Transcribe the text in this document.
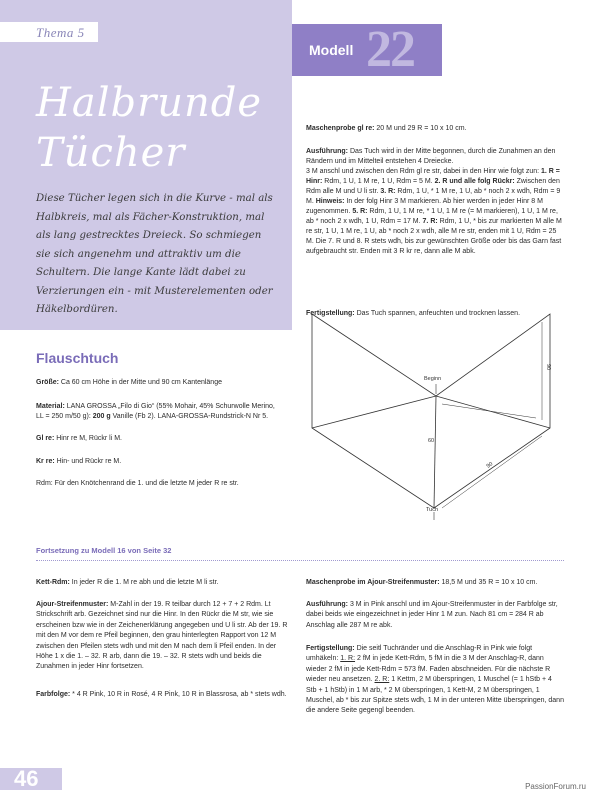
Thema 5
Modell 22
Halbrunde
Tücher
Diese Tücher legen sich in die Kurve - mal als Halbkreis, mal als Fächer-Konstruktion, mal als lang gestrecktes Dreieck. So schmiegen sie sich angenehm und attraktiv um die Schultern. Die lange Kante lädt dabei zu Verzierungen ein - mit Musterelementen oder Häkelbordüren.
Maschenprobe gl re: 20 M und 29 R = 10 x 10 cm.
Ausführung: Das Tuch wird in der Mitte begonnen, durch die Zunahmen an den Rändern und im Mittelteil entstehen 4 Dreiecke.
3 M anschl und zwischen den Rdm gl re str, dabei in den Hinr wie folgt zun: 1. R = Hinr: Rdm, 1 U, 1 M re, 1 U, Rdm = 5 M. 2. R und alle folg Rückr: Zwischen den Rdm alle M und U li str. 3. R: Rdm, 1 U, * 1 M re, 1 U, ab * noch 2 x wdh, Rdm = 9 M. Hinweis: In der folg Hinr 3 M markieren. Ab hier werden in jeder Hinr 8 M zugenommen. 5. R: Rdm, 1 U, 1 M re, * 1 U, 1 M re (= M markieren), 1 U, 1 M re, ab * noch 2 x wdh, 1 U, Rdm = 17 M. 7. R: Rdm, 1 U, * bis zur markierten M alle M re str, 1 U, 1 M re, 1 U, ab * noch 2 x wdh, alle M re str, enden mit 1 U, Rdm = 25 M. Die 7. R und 8. R stets wdh, bis zur gewünschten Größe oder bis das Garn fast aufgebraucht str. Enden mit 3 R kr re, dann alle M abk.
Fertigstellung: Das Tuch spannen, anfeuchten und trocknen lassen.
Beginn
60
90
90
Tuch
Flauschtuch
Größe: Ca 60 cm Höhe in der Mitte und 90 cm Kantenlänge
Material: LANA GROSSA „Filo di Gio“ (55% Mohair, 45% Schurwolle Merino, LL = 250 m/50 g): 200 g Vanille (Fb 2). LANA-GROSSA-Rundstrick-N Nr 5.
Gl re: Hinr re M, Rückr li M.
Kr re: Hin- und Rückr re M.
Rdm: Für den Knötchenrand die 1. und die letzte M jeder R re str.
Fortsetzung zu Modell 16 von Seite 32
Kett-Rdm: In jeder R die 1. M re abh und die letzte M li str.
Ajour-Streifenmuster: M-Zahl in der 19. R teilbar durch 12 + 7 + 2 Rdm. Lt Strickschrift arb. Gezeichnet sind nur die Hinr. In den Rückr die M str, wie sie erscheinen bzw wie in der Zeichenerklärung angegeben und U li str. Ab der 19. R mit den M vor dem re Pfeil beginnen, den grau hinterlegten Rapport von 12 M zwischen den Pfeilen stets wdh und mit den M nach dem li Pfeil enden. In der Höhe 1 x die 1. – 32. R arb, dann die 19. – 32. R stets wdh und beids die Zunahmen in jeder Hinr fortsetzen.
Farbfolge: * 4 R Pink, 10 R in Rosé, 4 R Pink, 10 R in Blassrosa, ab * stets wdh.
Maschenprobe im Ajour-Streifenmuster: 18,5 M und 35 R = 10 x 10 cm.
Ausführung: 3 M in Pink anschl und im Ajour-Streifenmuster in der Farbfolge str, dabei beids wie eingezeichnet in jeder Hinr 1 M zun. Nach 81 cm = 284 R ab Anschlag alle 287 M re abk.
Fertigstellung: Die seitl Tuchränder und die Anschlag-R in Pink wie folgt umhäkeln: 1. R: 2 fM in jede Kett-Rdm, 5 fM in die 3 M der Anschlag-R, dann wieder 2 fM in jede Kett-Rdm = 573 fM. Faden abschneiden. Für die nächste R wieder neu ansetzen. 2. R: 1 Kettm, 2 M überspringen, 1 Muschel (= 1 hStb + 4 Stb + 1 hStb) in 1 M arb, * 2 M überspringen, 1 Kett-M, 2 M überspringen, 1 Muschel, ab * bis zur Spitze stets wdh, 1 M in der unteren Mitte überspringen, dann die andere Seite gegengl beenden.
46	PassionForum.ru
